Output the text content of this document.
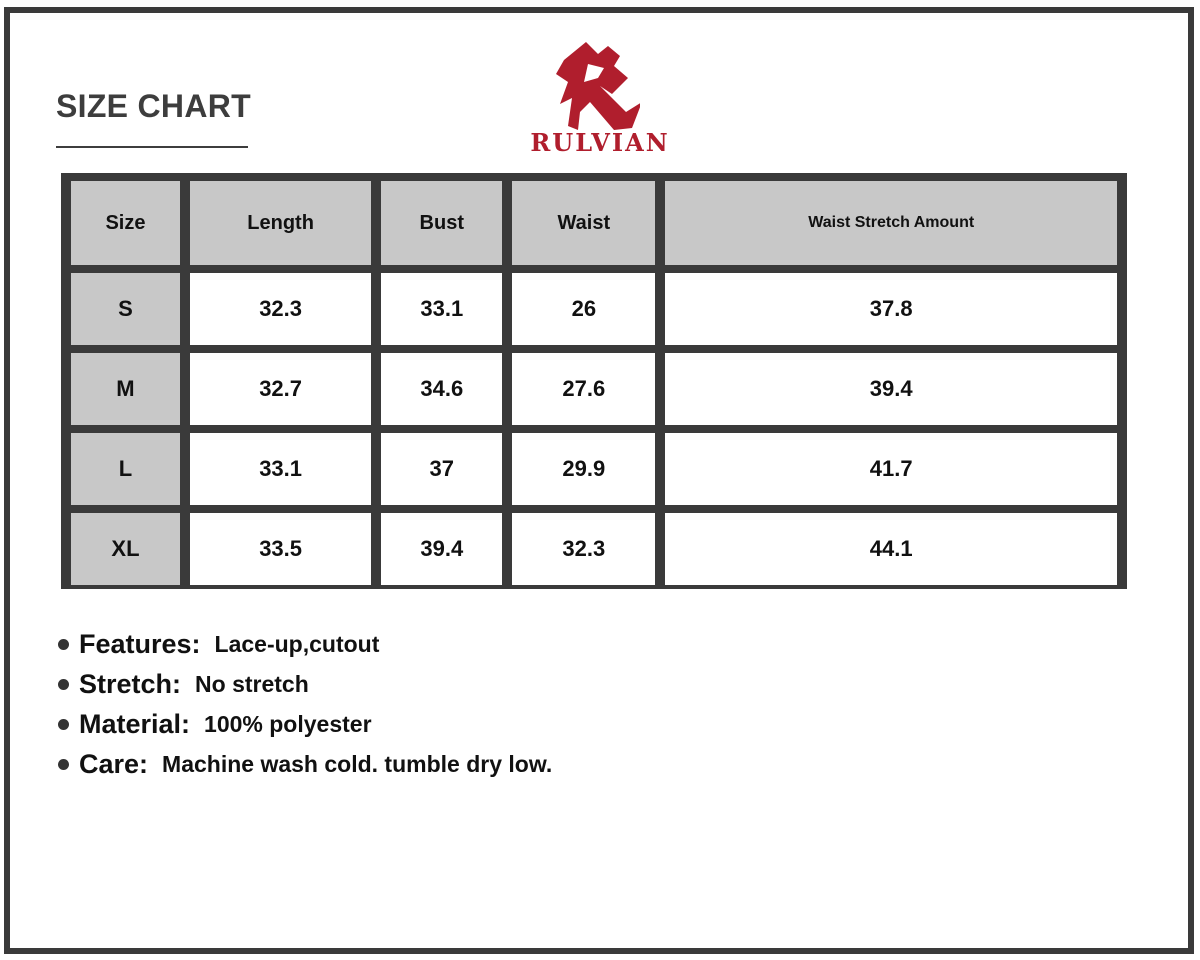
SIZE CHART
RULVIAN
Size	Length	Bust	Waist	Waist Stretch Amount
S	32.3	33.1	26	37.8
M	32.7	34.6	27.6	39.4
L	33.1	37	29.9	41.7
XL	33.5	39.4	32.3	44.1
Features: Lace-up,cutout
Stretch: No stretch
Material: 100% polyester
Care: Machine wash cold. tumble dry low.
